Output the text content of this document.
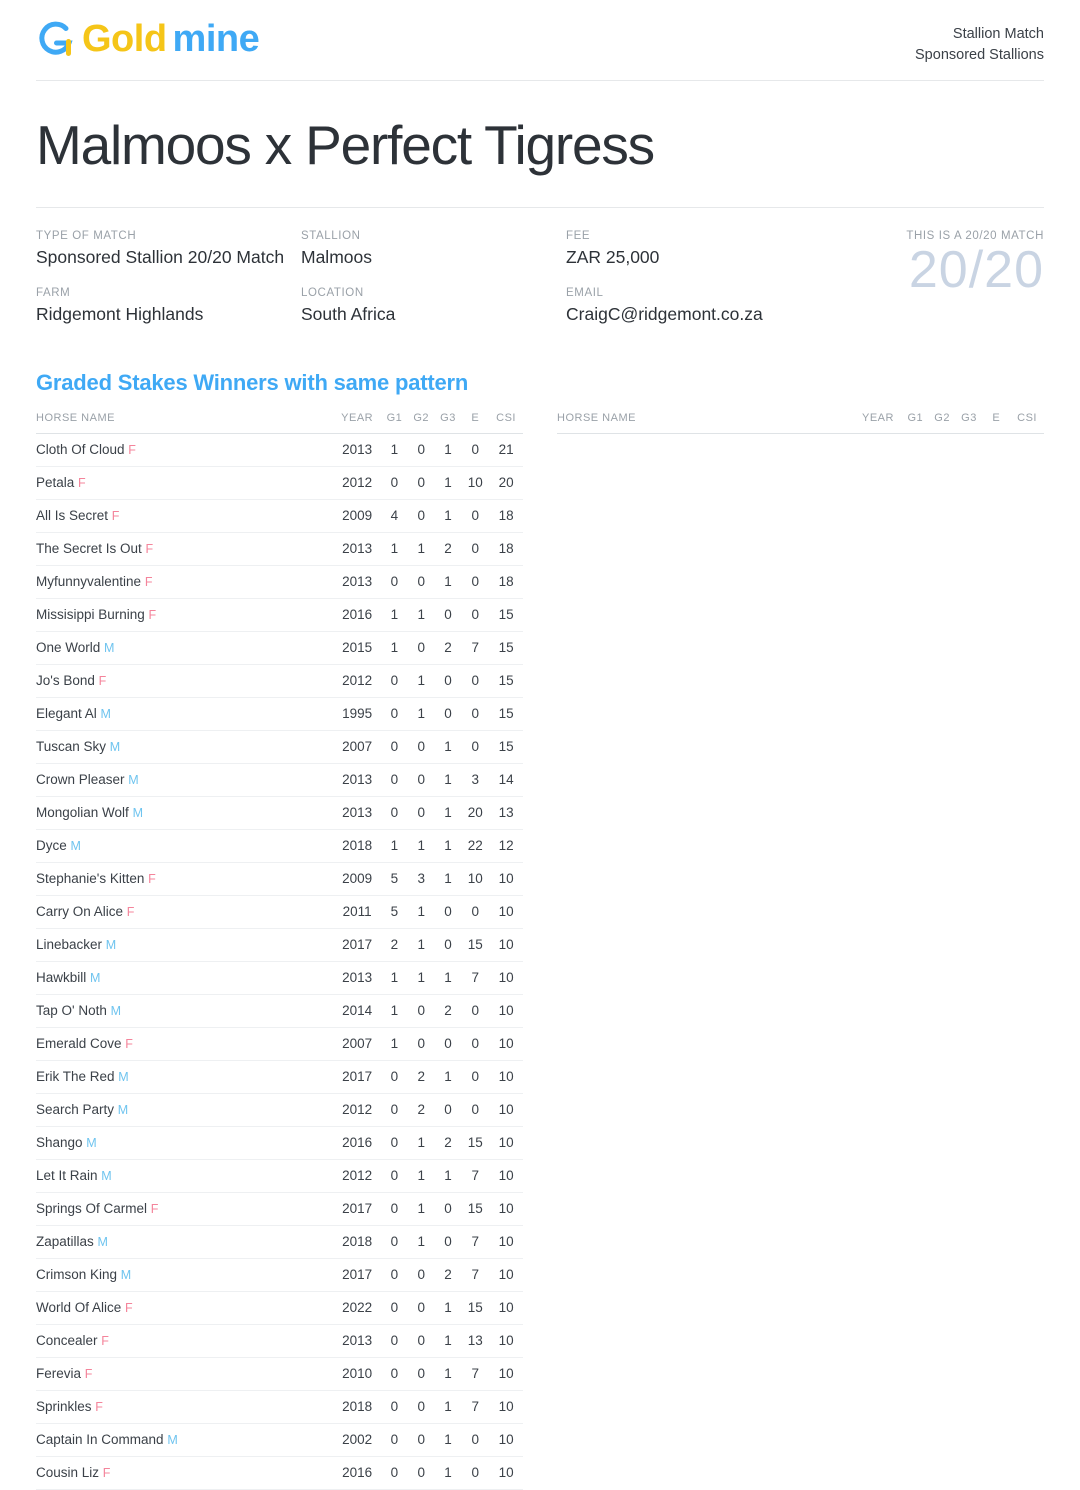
Gold mine	Stallion Match
Sponsored Stallions
Malmoos x Perfect Tigress
THIS IS A 20/20 MATCH
20/20
TYPE OF MATCH
Sponsored Stallion 20/20 Match
STALLION
Malmoos
FEE
ZAR 25,000
FARM
Ridgemont Highlands
LOCATION
South Africa
EMAIL
CraigC@ridgemont.co.za
Graded Stakes Winners with same pattern
HORSE NAME	YEAR	G1	G2	G3	E	CSI
Cloth Of Cloud F	2013	1	0	1	0	21
Petala F	2012	0	0	1	10	20
All Is Secret F	2009	4	0	1	0	18
The Secret Is Out F	2013	1	1	2	0	18
Myfunnyvalentine F	2013	0	0	1	0	18
Missisippi Burning F	2016	1	1	0	0	15
One World M	2015	1	0	2	7	15
Jo's Bond F	2012	0	1	0	0	15
Elegant Al M	1995	0	1	0	0	15
Tuscan Sky M	2007	0	0	1	0	15
Crown Pleaser M	2013	0	0	1	3	14
Mongolian Wolf M	2013	0	0	1	20	13
Dyce M	2018	1	1	1	22	12
Stephanie's Kitten F	2009	5	3	1	10	10
Carry On Alice F	2011	5	1	0	0	10
Linebacker M	2017	2	1	0	15	10
Hawkbill M	2013	1	1	1	7	10
Tap O' Noth M	2014	1	0	2	0	10
Emerald Cove F	2007	1	0	0	0	10
Erik The Red M	2017	0	2	1	0	10
Search Party M	2012	0	2	0	0	10
Shango M	2016	0	1	2	15	10
Let It Rain M	2012	0	1	1	7	10
Springs Of Carmel F	2017	0	1	0	15	10
Zapatillas M	2018	0	1	0	7	10
Crimson King M	2017	0	0	2	7	10
World Of Alice F	2022	0	0	1	15	10
Concealer F	2013	0	0	1	13	10
Ferevia F	2010	0	0	1	7	10
Sprinkles F	2018	0	0	1	7	10
Captain In Command M	2002	0	0	1	0	10
Cousin Liz F	2016	0	0	1	0	10
HORSE NAME	YEAR	G1	G2	G3	E	CSI
